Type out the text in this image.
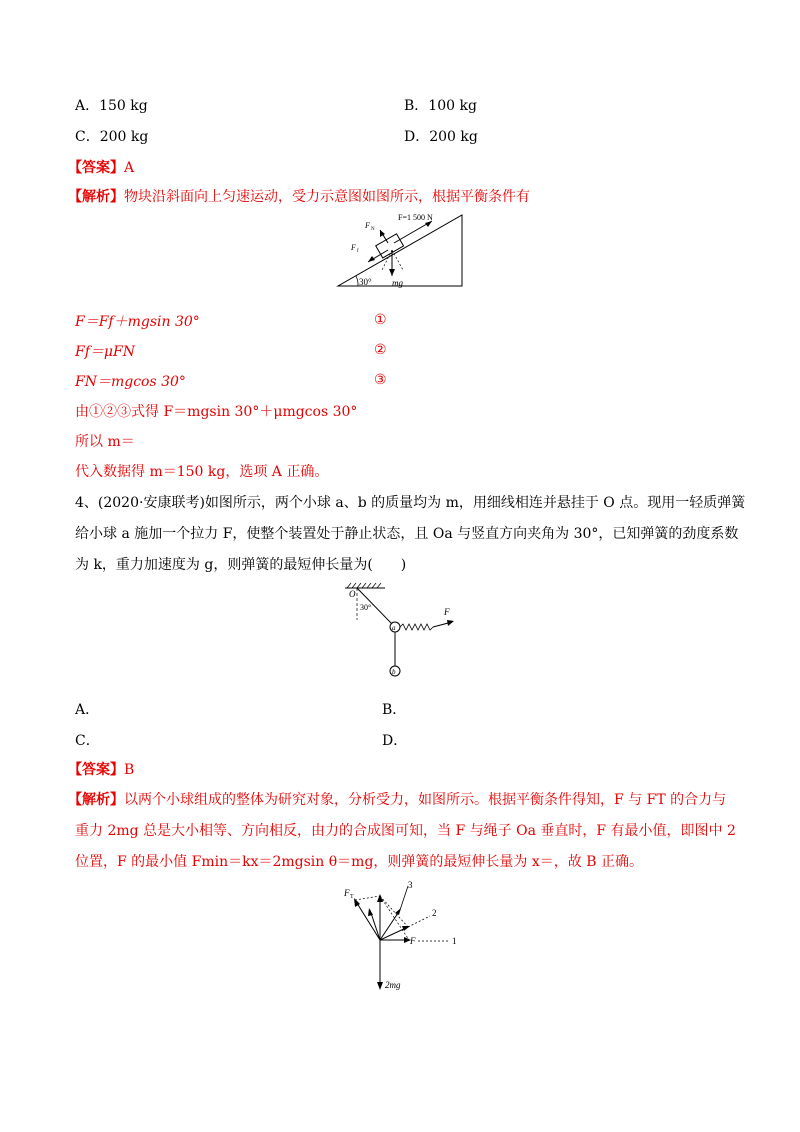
A．150 kg	B．100 kg
C．200 kg	D．200 kg
【答案】A
【解析】物块沿斜面向上匀速运动，受力示意图如图所示，根据平衡条件有
F=1 500 N
F N
F f
30° mg
F＝Ff＋mgsin 30°	①
Ff＝μFN	②
FN＝mgcos 30°	③
由①②③式得 F＝mgsin 30°＋μmgcos 30°
所以 m＝
代入数据得 m＝150 kg，选项 A 正确。
4、(2020·安康联考)如图所示，两个小球 a、b 的质量均为 m，用细线相连并悬挂于 O 点。现用一轻质弹簧
给小球 a 施加一个拉力 F，使整个装置处于静止状态，且 Oa 与竖直方向夹角为 30°，已知弹簧的劲度系数
为 k，重力加速度为 g，则弹簧的最短伸长量为(　　)
O
30°
a
b
F
A．	B．
C．	D．
【答案】B
【解析】以两个小球组成的整体为研究对象，分析受力，如图所示。根据平衡条件得知，F 与 FT 的合力与
重力 2mg 总是大小相等、方向相反，由力的合成图可知，当 F 与绳子 Oa 垂直时，F 有最小值，即图中 2
位置，F 的最小值 Fmin＝kx＝2mgsin θ＝mg，则弹簧的最短伸长量为 x＝，故 B 正确。
F T
3
2
1
F
2mg
